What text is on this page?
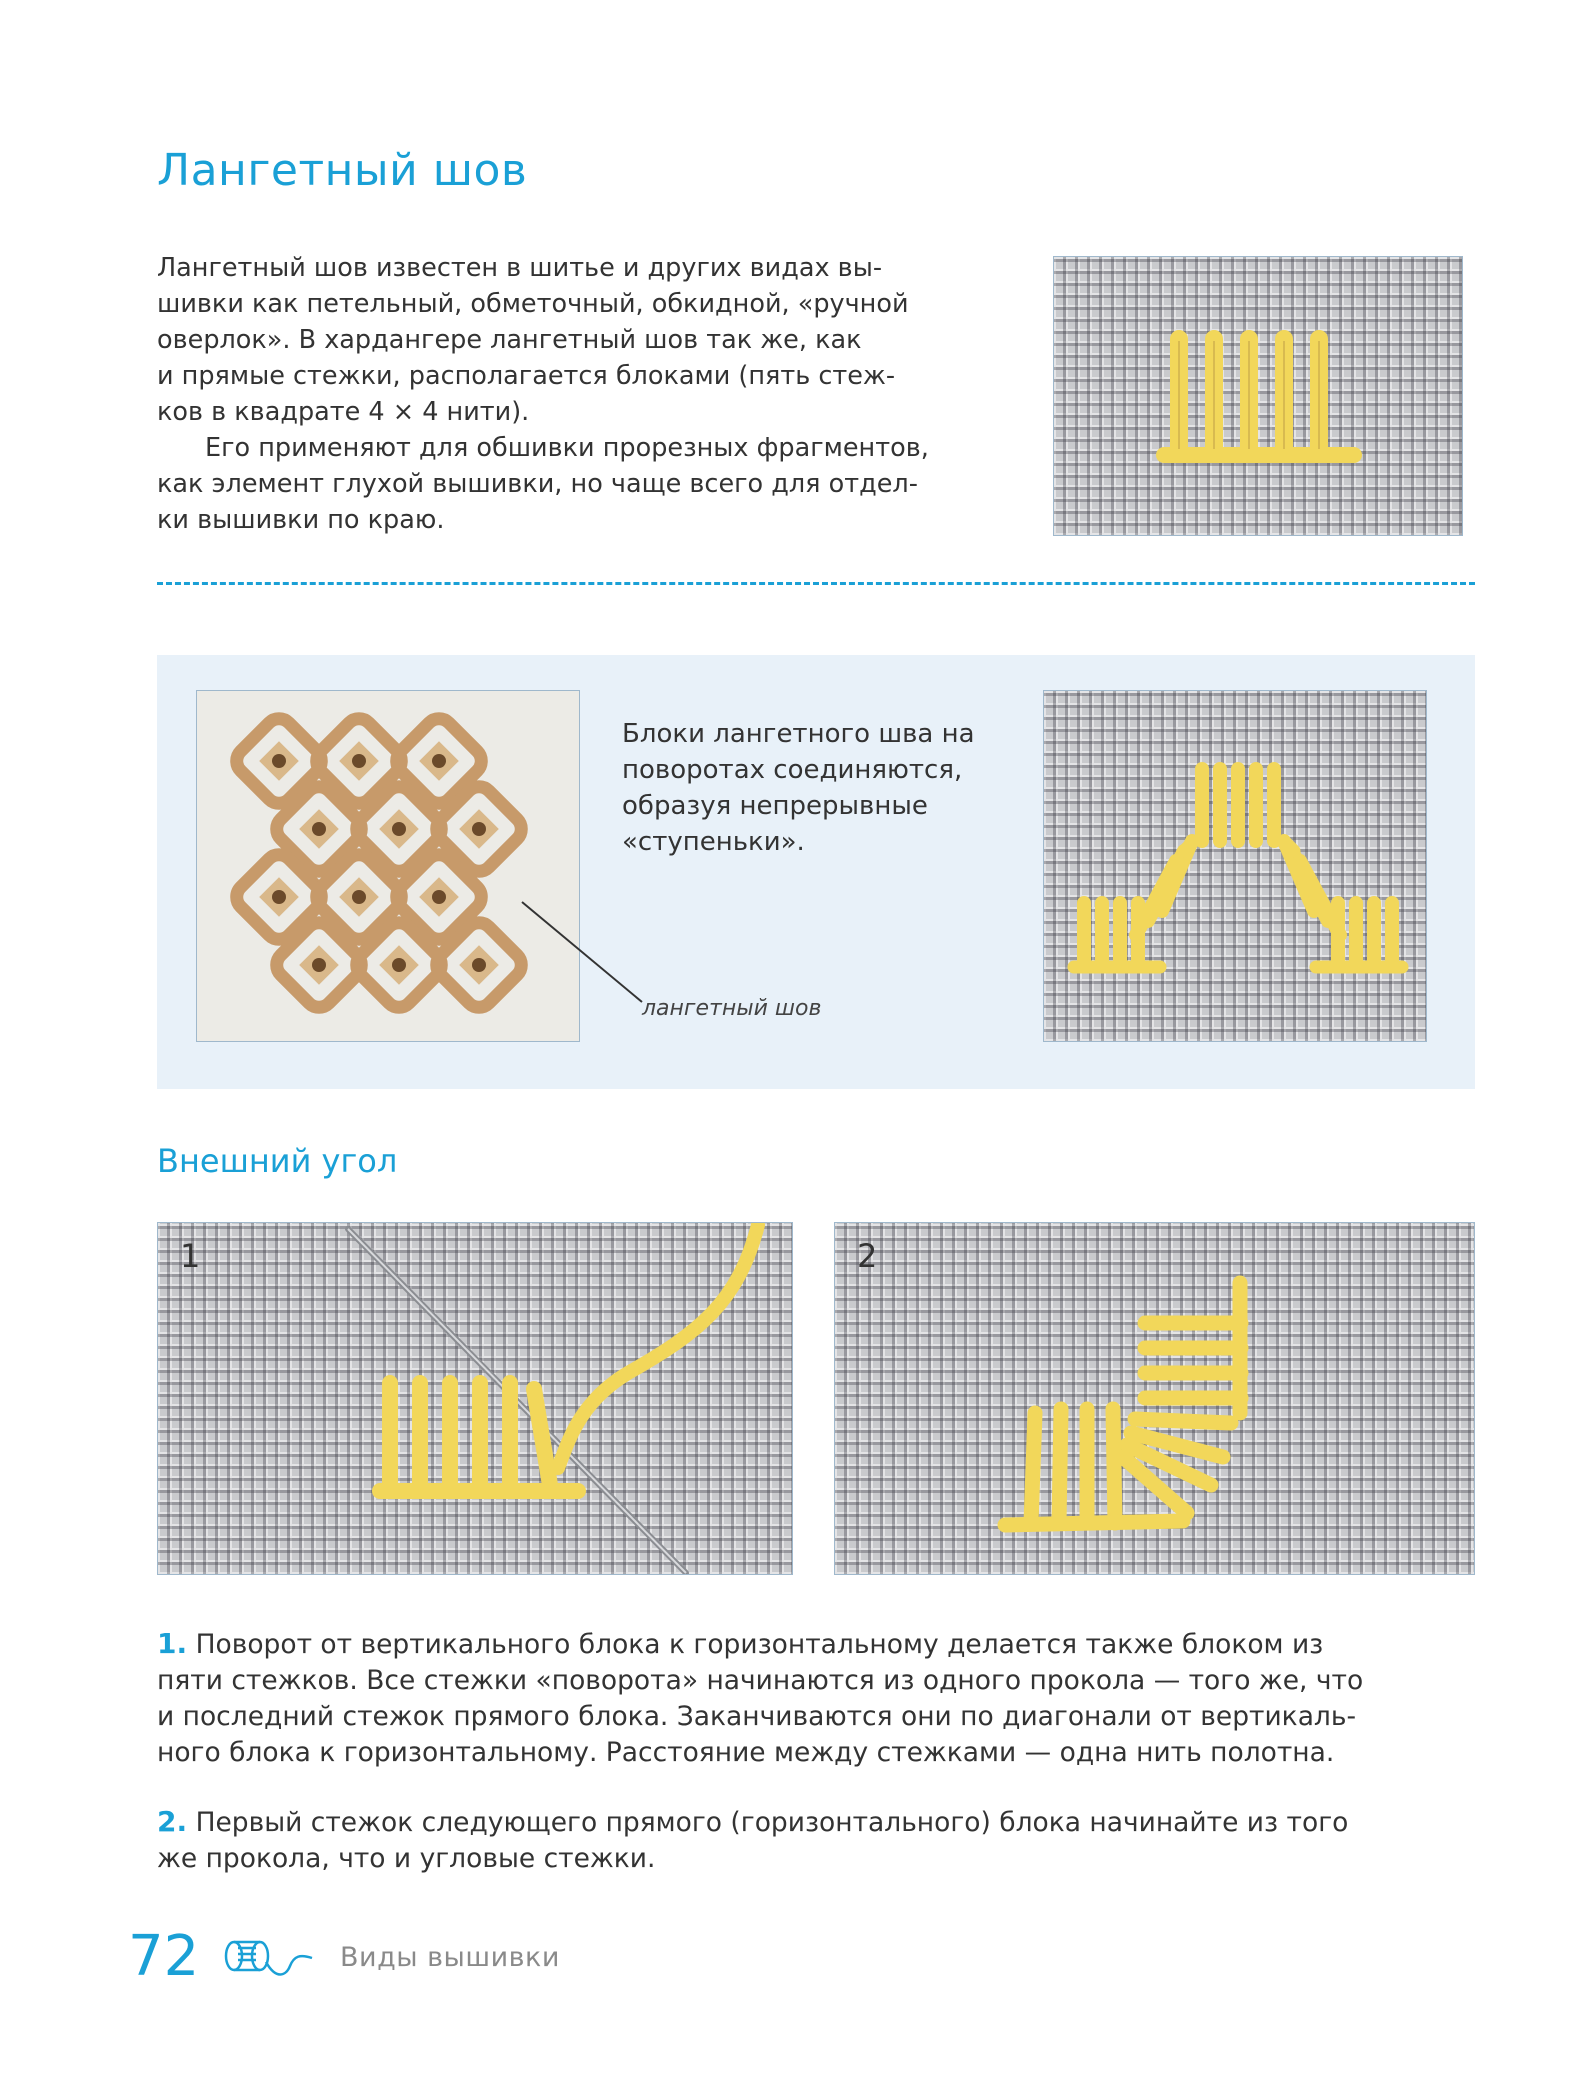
Лангетный шов

Лангетный шов известен в шитье и других видах вы-
шивки как петельный, обметочный, обкидной, «ручной
оверлок». В хардангере лангетный шов так же, как
и прямые стежки, располагается блоками (пять стеж-
ков в квадрате 4 × 4 нити).

Его применяют для обшивки прорезных фрагментов,
как элемент глухой вышивки, но чаще всего для отдел-
ки вышивки по краю.

Блоки лангетного шва на
поворотах соединяются,
образуя непрерывные
«ступеньки».
лангетный шов
Внешний угол
1	2
1. Поворот от вертикального блока к горизонтальному делается также блоком из
пяти стежков. Все стежки «поворота» начинаются из одного прокола — того же, что
и последний стежок прямого блока. Заканчиваются они по диагонали от вертикаль-
ного блока к горизонтальному. Расстояние между стежками — одна нить полотна.
2. Первый стежок следующего прямого (горизонтального) блока начинайте из того
же прокола, что и угловые стежки.
72	Виды вышивки
